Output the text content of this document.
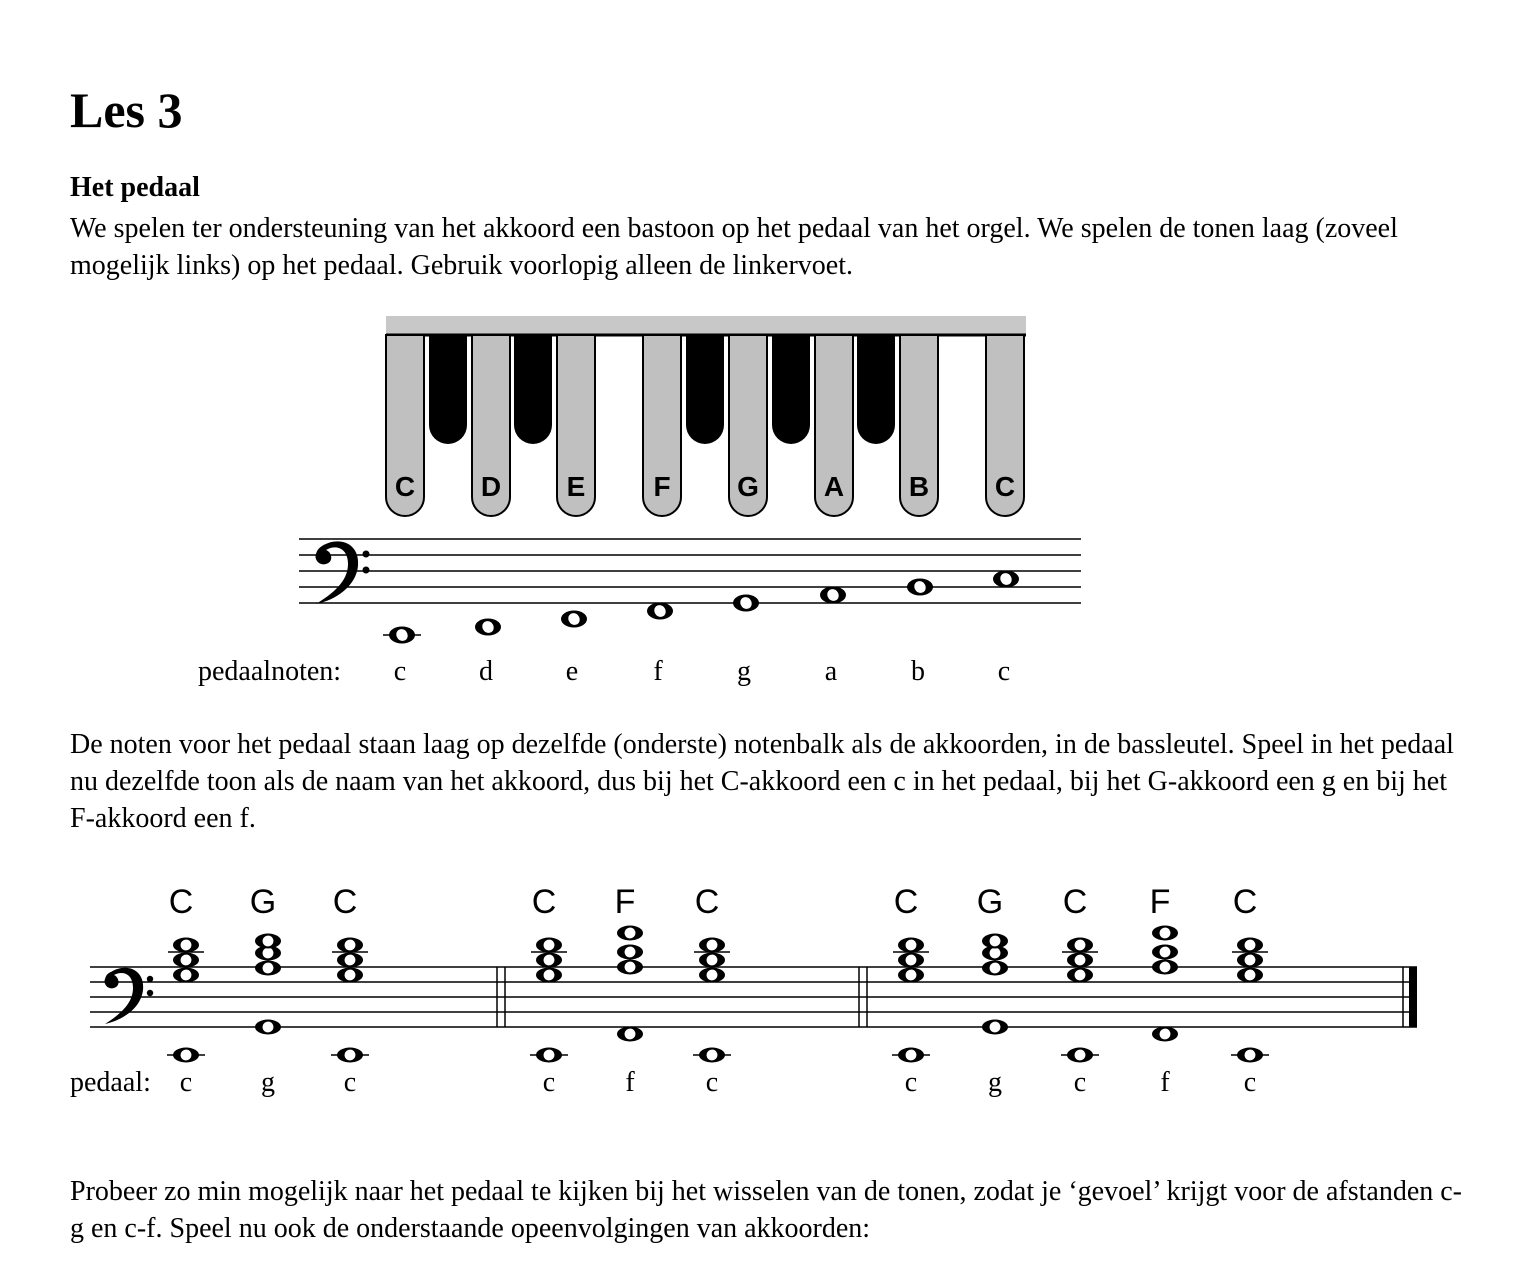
Les 3
Het pedaal

We spelen ter ondersteuning van het akkoord een bastoon op het pedaal van het orgel. We spelen de tonen laag (zoveel mogelijk links) op het pedaal. Gebruik voorlopig alleen de linkervoet.

C D E F G A B C
pedaalnoten: c	d	e	f	g	a	b	c
C G C	C F C	C G C F C
pedaal: c g c	c	f	c	c	g	c	f	c

De noten voor het pedaal staan laag op dezelfde (onderste) notenbalk als de akkoorden, in de bassleutel. Speel in het pedaal nu dezelfde toon als de naam van het akkoord, dus bij het C-akkoord een c in het pedaal, bij het G-akkoord een g en bij het F-akkoord een f.

Probeer zo min mogelijk naar het pedaal te kijken bij het wisselen van de tonen, zodat je ‘gevoel’ krijgt voor de afstanden c-g en c-f. Speel nu ook de onderstaande opeenvolgingen van akkoorden:
